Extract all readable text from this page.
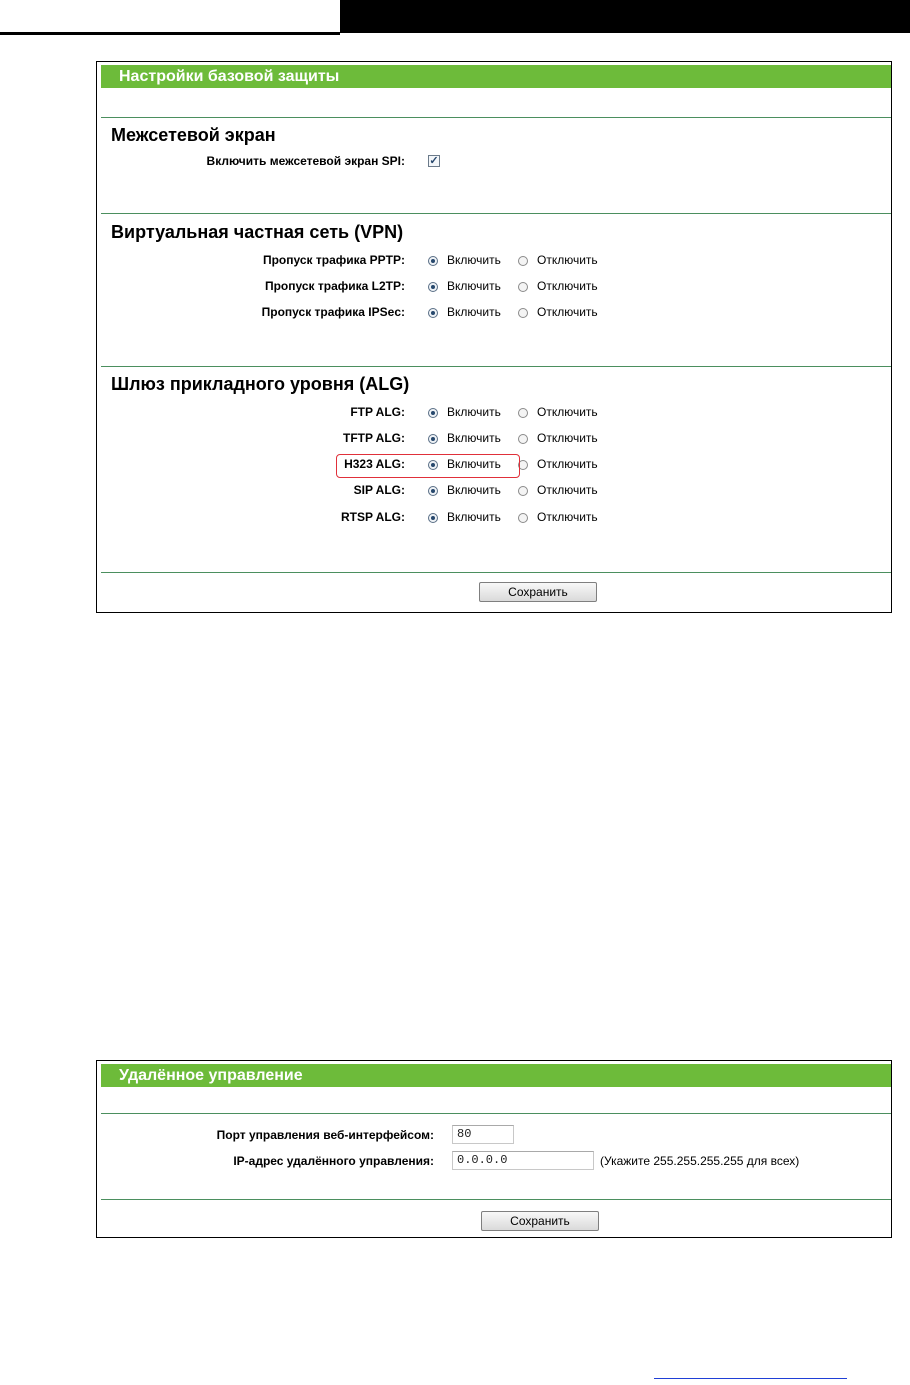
Настройки базовой защиты
Межсетевой экран
Включить межсетевой экран SPI: ✓
Виртуальная частная сеть (VPN)
Пропуск трафика PPTP:	Включить	Отключить
Пропуск трафика L2TP:	Включить	Отключить
Пропуск трафика IPSec:	Включить	Отключить
Шлюз прикладного уровня (ALG)
FTP ALG:	Включить	Отключить
TFTP ALG:	Включить	Отключить
H323 ALG:	Включить	Отключить
SIP ALG:	Включить	Отключить
RTSP ALG:	Включить	Отключить
Сохранить
Удалённое управление
Порт управления веб-интерфейсом:	80
IP-адрес удалённого управления:	0.0.0.0	(Укажите 255.255.255.255 для всех)
Сохранить
